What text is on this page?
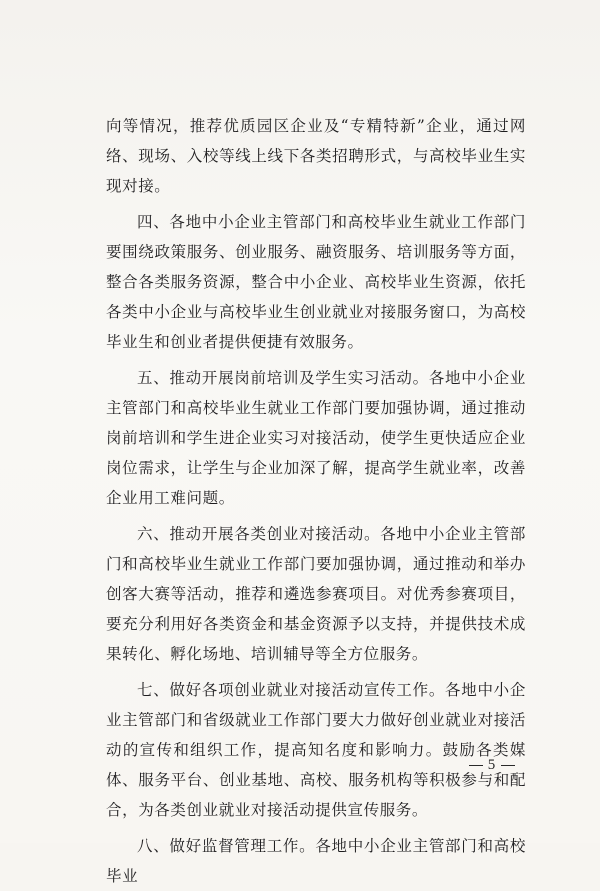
向等情况，推荐优质园区企业及“专精特新”企业，通过网络、现场、入校等线上线下各类招聘形式，与高校毕业生实现对接。

四、各地中小企业主管部门和高校毕业生就业工作部门要围绕政策服务、创业服务、融资服务、培训服务等方面，整合各类服务资源，整合中小企业、高校毕业生资源，依托各类中小企业与高校毕业生创业就业对接服务窗口，为高校毕业生和创业者提供便捷有效服务。

五、推动开展岗前培训及学生实习活动。各地中小企业主管部门和高校毕业生就业工作部门要加强协调，通过推动岗前培训和学生进企业实习对接活动，使学生更快适应企业岗位需求，让学生与企业加深了解，提高学生就业率，改善企业用工难问题。

六、推动开展各类创业对接活动。各地中小企业主管部门和高校毕业生就业工作部门要加强协调，通过推动和举办创客大赛等活动，推荐和遴选参赛项目。对优秀参赛项目，要充分利用好各类资金和基金资源予以支持，并提供技术成果转化、孵化场地、培训辅导等全方位服务。

七、做好各项创业就业对接活动宣传工作。各地中小企业主管部门和省级就业工作部门要大力做好创业就业对接活动的宣传和组织工作，提高知名度和影响力。鼓励各类媒体、服务平台、创业基地、高校、服务机构等积极参与和配合，为各类创业就业对接活动提供宣传服务。

八、做好监督管理工作。各地中小企业主管部门和高校毕业

5
